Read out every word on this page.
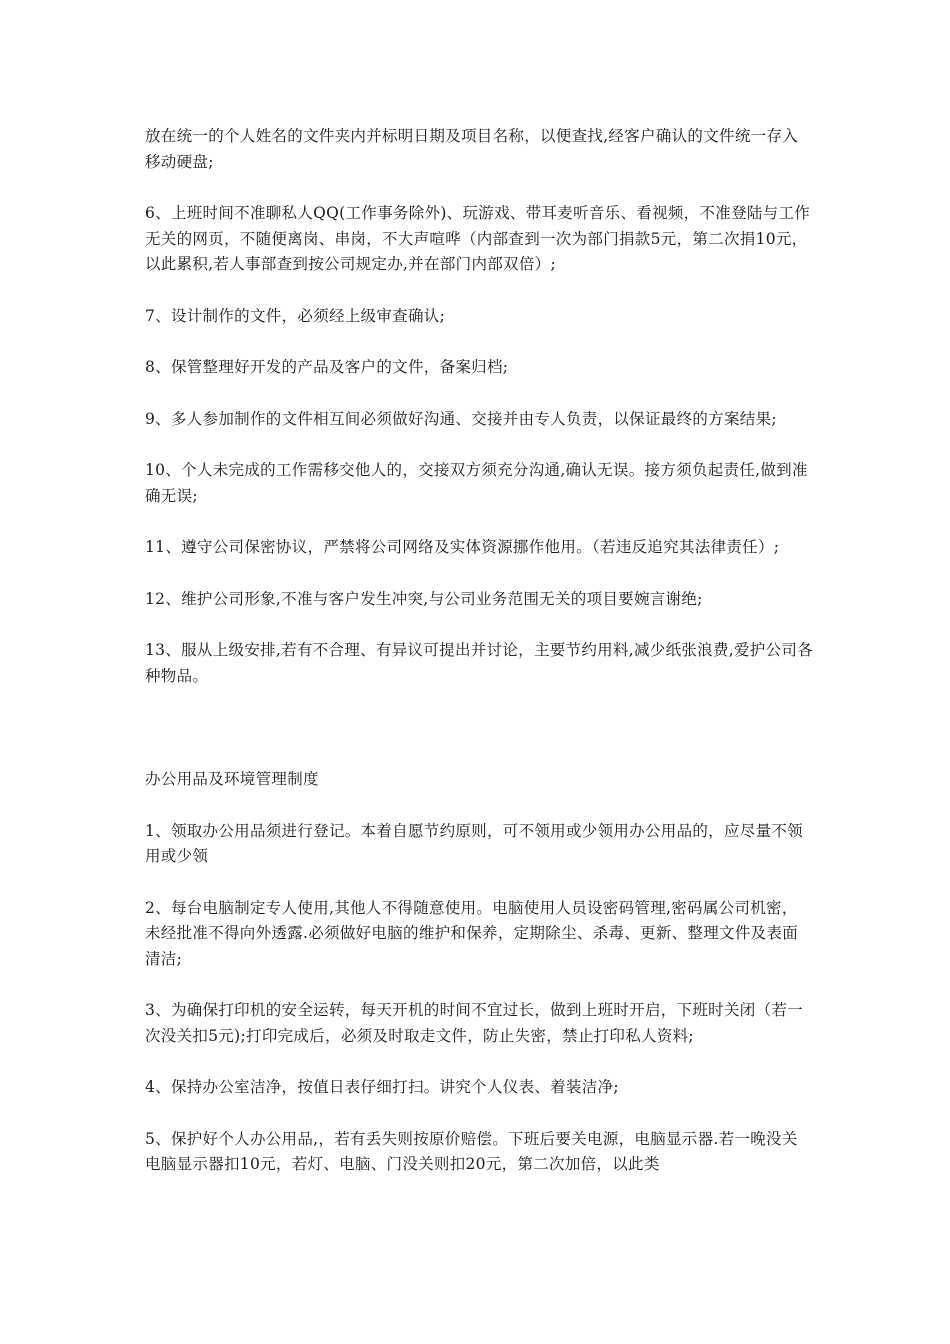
放在统一的个人姓名的文件夹内并标明日期及项目名称，以便查找,经客户确认的文件统一存入移动硬盘;

6、上班时间不准聊私人QQ(工作事务除外)、玩游戏、带耳麦听音乐、看视频，不准登陆与工作无关的网页，不随便离岗、串岗，不大声喧哗（内部查到一次为部门捐款5元，第二次捐10元，以此累积,若人事部查到按公司规定办,并在部门内部双倍）;

7、设计制作的文件，必须经上级审查确认;

8、保管整理好开发的产品及客户的文件，备案归档;

9、多人参加制作的文件相互间必须做好沟通、交接并由专人负责，以保证最终的方案结果;

10、个人未完成的工作需移交他人的，交接双方须充分沟通,确认无误。接方须负起责任,做到准确无误;

11、遵守公司保密协议，严禁将公司网络及实体资源挪作他用。（若违反追究其法律责任）;

12、维护公司形象,不准与客户发生冲突,与公司业务范围无关的项目要婉言谢绝;

13、服从上级安排,若有不合理、有异议可提出并讨论，主要节约用料,减少纸张浪费,爱护公司各种物品。

办公用品及环境管理制度

1、领取办公用品须进行登记。本着自愿节约原则，可不领用或少领用办公用品的，应尽量不领用或少领

2、每台电脑制定专人使用,其他人不得随意使用。电脑使用人员设密码管理,密码属公司机密，未经批准不得向外透露.必须做好电脑的维护和保养，定期除尘、杀毒、更新、整理文件及表面清洁;

3、为确保打印机的安全运转，每天开机的时间不宜过长，做到上班时开启，下班时关闭（若一次没关扣5元);打印完成后，必须及时取走文件，防止失密，禁止打印私人资料;

4、保持办公室洁净，按值日表仔细打扫。讲究个人仪表、着装洁净;

5、保护好个人办公用品,，若有丢失则按原价赔偿。下班后要关电源，电脑显示器.若一晚没关电脑显示器扣10元，若灯、电脑、门没关则扣20元，第二次加倍，以此类
